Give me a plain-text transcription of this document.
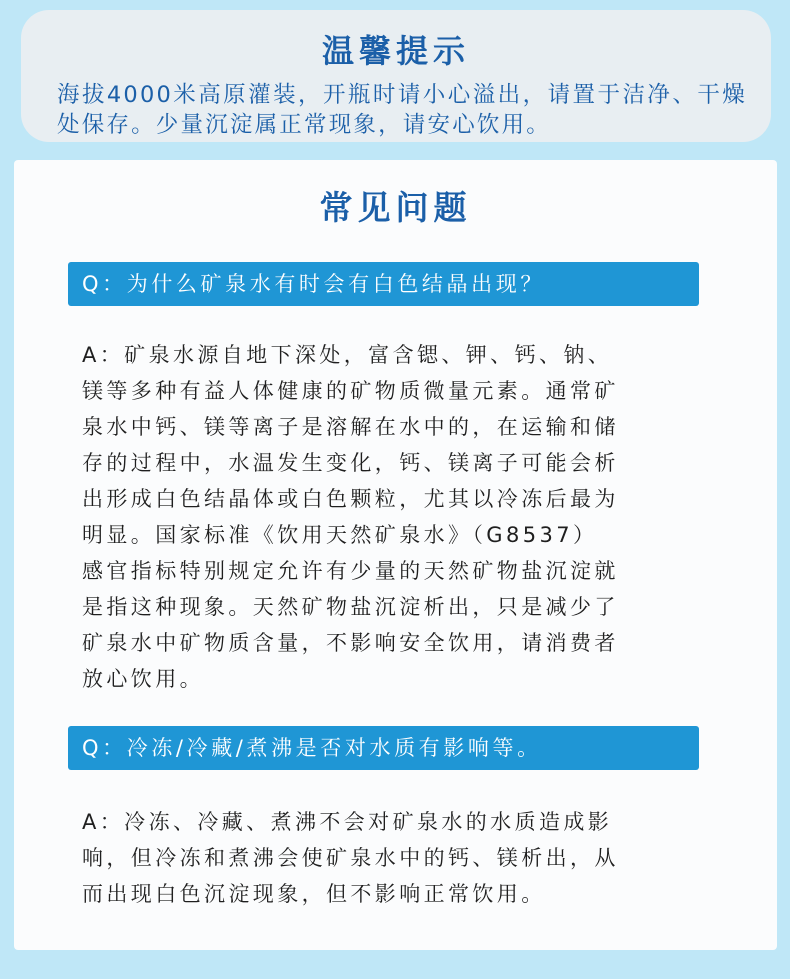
温馨提示
海拔4000米高原灌装，开瓶时请小心溢出，请置于洁净、干燥处保存。少量沉淀属正常现象，请安心饮用。
常见问题
Q：为什么矿泉水有时会有白色结晶出现？
A：矿泉水源自地下深处，富含锶、钾、钙、钠、
镁等多种有益人体健康的矿物质微量元素。通常矿
泉水中钙、镁等离子是溶解在水中的，在运输和储
存的过程中，水温发生变化，钙、镁离子可能会析
出形成白色结晶体或白色颗粒，尤其以冷冻后最为
明显。国家标准《饮用天然矿泉水》（G8537）
感官指标特别规定允许有少量的天然矿物盐沉淀就
是指这种现象。天然矿物盐沉淀析出，只是减少了
矿泉水中矿物质含量，不影响安全饮用，请消费者
放心饮用。
Q：冷冻/冷藏/煮沸是否对水质有影响等。
A：冷冻、冷藏、煮沸不会对矿泉水的水质造成影
响，但冷冻和煮沸会使矿泉水中的钙、镁析出，从
而出现白色沉淀现象，但不影响正常饮用。
